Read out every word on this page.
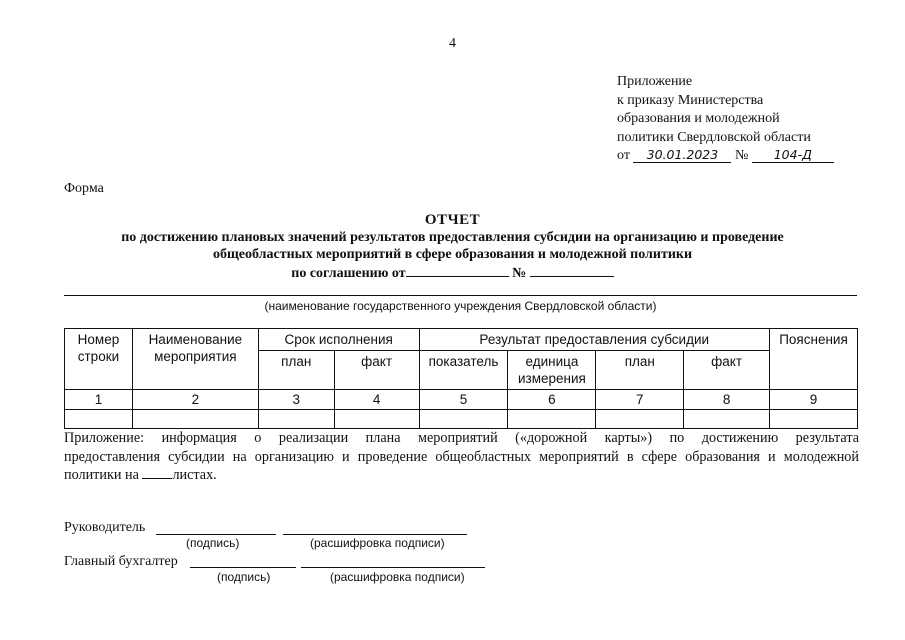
4
Приложение
к приказу Министерства
образования и молодежной
политики Свердловской области
от 30.01.2023 № 104-Д
Форма
ОТЧЕТ
по достижению плановых значений результатов предоставления субсидии на организацию и проведение
общеобластных мероприятий в сфере образования и молодежной политики
по соглашению от	№
(наименование государственного учреждения Свердловской области)
Номер строки	Наименование мероприятия	Срок исполнения		Результат предоставления субсидии				Пояснения
		план	факт	показатель	единица измерения	план	факт	
1	2	3	4	5	6	7	8	9

Приложение: информация о реализации плана мероприятий («дорожной карты») по достижению результата
предоставления субсидии на организацию и проведение общеобластных мероприятий в сфере образования и молодежной
политики на листах.
Руководитель
(подпись)	(расшифровка подписи)
Главный бухгалтер
(подпись)	(расшифровка подписи)
